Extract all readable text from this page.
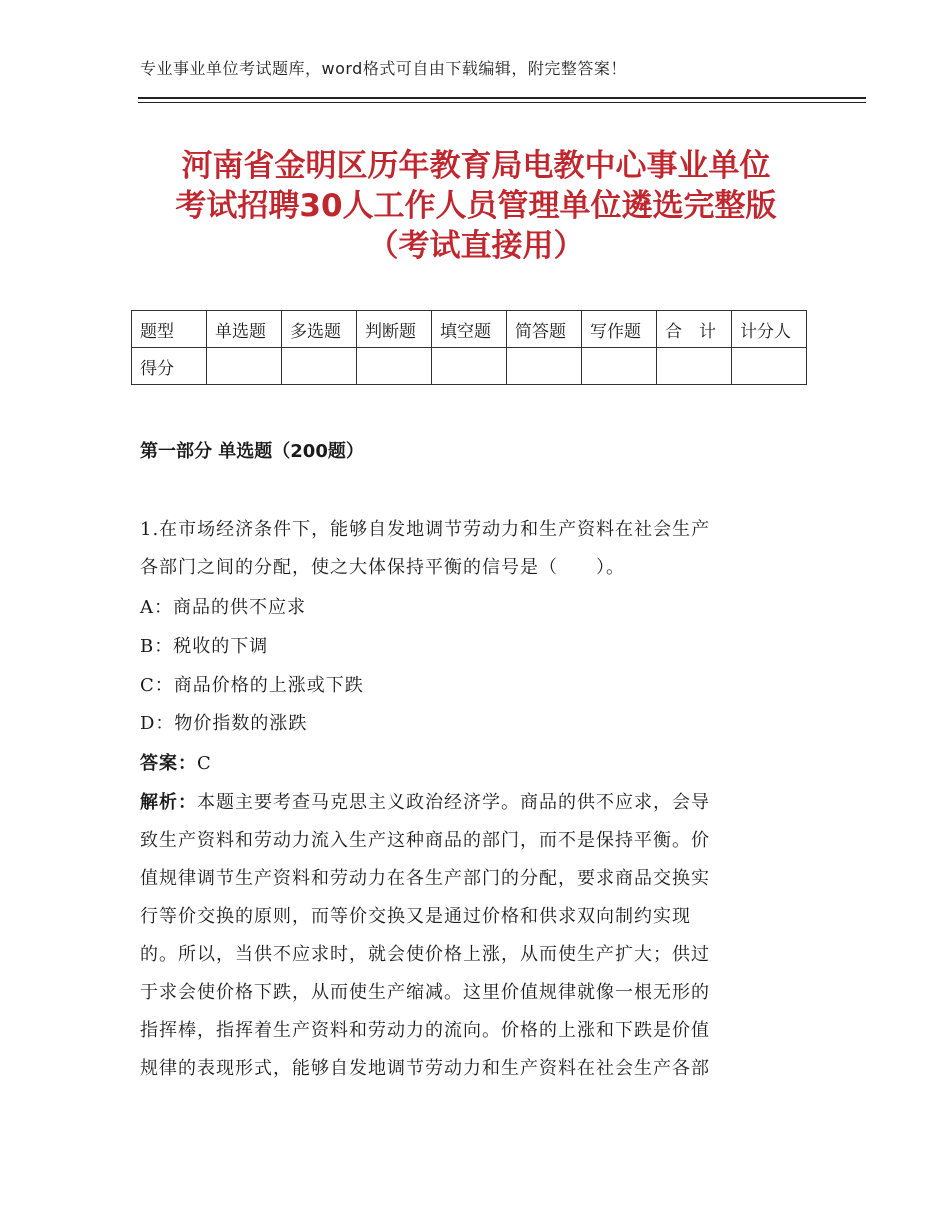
专业事业单位考试题库，word格式可自由下载编辑，附完整答案！
河南省金明区历年教育局电教中心事业单位
考试招聘30人工作人员管理单位遴选完整版
（考试直接用）
题型	单选题	多选题	判断题	填空题	简答题	写作题	合　计	计分人
得分								
第一部分 单选题（200题）
1.在市场经济条件下，能够自发地调节劳动力和生产资料在社会生产
各部门之间的分配，使之大体保持平衡的信号是（　　）。
A：商品的供不应求
B：税收的下调
C：商品价格的上涨或下跌
D：物价指数的涨跌
答案：C
解析：本题主要考查马克思主义政治经济学。商品的供不应求，会导
致生产资料和劳动力流入生产这种商品的部门，而不是保持平衡。价
值规律调节生产资料和劳动力在各生产部门的分配，要求商品交换实
行等价交换的原则，而等价交换又是通过价格和供求双向制约实现
的。所以，当供不应求时，就会使价格上涨，从而使生产扩大；供过
于求会使价格下跌，从而使生产缩减。这里价值规律就像一根无形的
指挥棒，指挥着生产资料和劳动力的流向。价格的上涨和下跌是价值
规律的表现形式，能够自发地调节劳动力和生产资料在社会生产各部
